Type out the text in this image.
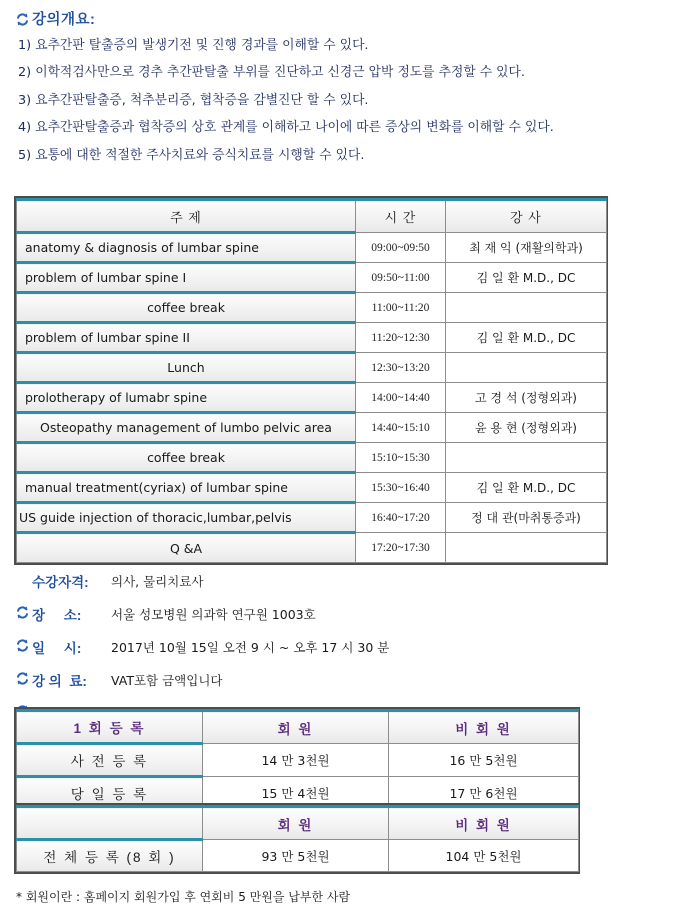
강의개요:
1) 요추간판 탈출증의 발생기전 및 진행 경과를 이해할 수 있다.
2) 이학적검사만으로 경추 추간판탈출 부위를 진단하고 신경근 압박 정도를 추정할 수 있다.
3) 요추간판탈출증, 척추분리증, 협착증을 감별진단 할 수 있다.
4) 요추간판탈출증과 협착증의 상호 관계를 이해하고 나이에 따른 증상의 변화를 이해할 수 있다.
5) 요통에 대한 적절한 주사치료와 증식치료를 시행할 수 있다.
주 제	시 간	강 사
anatomy & diagnosis of lumbar spine	09:00~09:50	최 재 익 (재활의학과)
problem of lumbar spine I	09:50~11:00	김 일 환 M.D., DC
coffee break	11:00~11:20	
problem of lumbar spine II	11:20~12:30	김 일 환 M.D., DC
Lunch	12:30~13:20	
prolotherapy of lumabr spine	14:00~14:40	고 경 석 (정형외과)
Osteopathy management of lumbo pelvic area	14:40~15:10	윤 용 현 (정형외과)
coffee break	15:10~15:30	
manual treatment(cyriax) of lumbar spine	15:30~16:40	김 일 환 M.D., DC
US guide injection of thoracic,lumbar,pelvis	16:40~17:20	정 대 관(마취통증과)
Q &A	17:20~17:30	

수강자격: 의사, 물리치료사

장     소: 서울 성모병원 의과학 연구원 1003호

일     시: 2017년 10월 15일 오전 9 시 ~ 오후 17 시 30 분

강 의  료: VAT포함 금액입니다
1 회 등 록	회 원	비 회 원
사 전 등 록	14 만 3천원	16 만 5천원
당 일 등 록	15 만 4천원	17 만 6천원
	회 원	비 회 원
전 체 등 록 (8 회 )	93 만 5천원	104 만 5천원
* 회원이란 : 홈페이지 회원가입 후 연회비 5 만원을 납부한 사람
